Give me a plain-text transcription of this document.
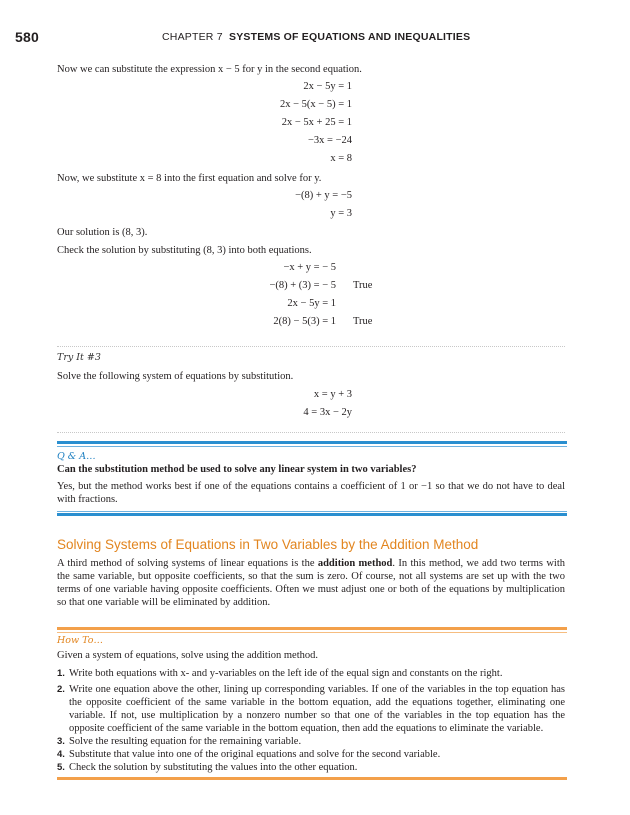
580	CHAPTER 7 SYSTEMS OF EQUATIONS AND INEQUALITIES
Now we can substitute the expression x − 5 for y in the second equation.
2x − 5y = 1
2x − 5(x − 5) = 1
2x − 5x + 25 = 1
−3x = −24
x = 8
Now, we substitute x = 8 into the first equation and solve for y.
−(8) + y = −5
y = 3
Our solution is (8, 3).
Check the solution by substituting (8, 3) into both equations.
−x + y = − 5
−(8) + (3) = − 5 True
2x − 5y = 1
2(8) − 5(3) = 1 True
Try It #3
Solve the following system of equations by substitution.
x = y + 3
4 = 3x − 2y
Q & A…
Can the substitution method be used to solve any linear system in two variables?
Yes, but the method works best if one of the equations contains a coefficient of 1 or −1 so that we do not have to deal with fractions.
Solving Systems of Equations in Two Variables by the Addition Method
A third method of solving systems of linear equations is the addition method. In this method, we add two terms with the same variable, but opposite coefficients, so that the sum is zero. Of course, not all systems are set up with the two terms of one variable having opposite coefficients. Often we must adjust one or both of the equations by multiplication so that one variable will be eliminated by addition.
How To…
Given a system of equations, solve using the addition method.
1. Write both equations with x- and y-variables on the left ide of the equal sign and constants on the right.
2. Write one equation above the other, lining up corresponding variables. If one of the variables in the top equation has the opposite coefficient of the same variable in the bottom equation, add the equations together, eliminating one variable. If not, use multiplication by a nonzero number so that one of the variables in the top equation has the opposite coefficient of the same variable in the bottom equation, then add the equations to eliminate the variable.
3. Solve the resulting equation for the remaining variable.
4. Substitute that value into one of the original equations and solve for the second variable.
5. Check the solution by substituting the values into the other equation.
